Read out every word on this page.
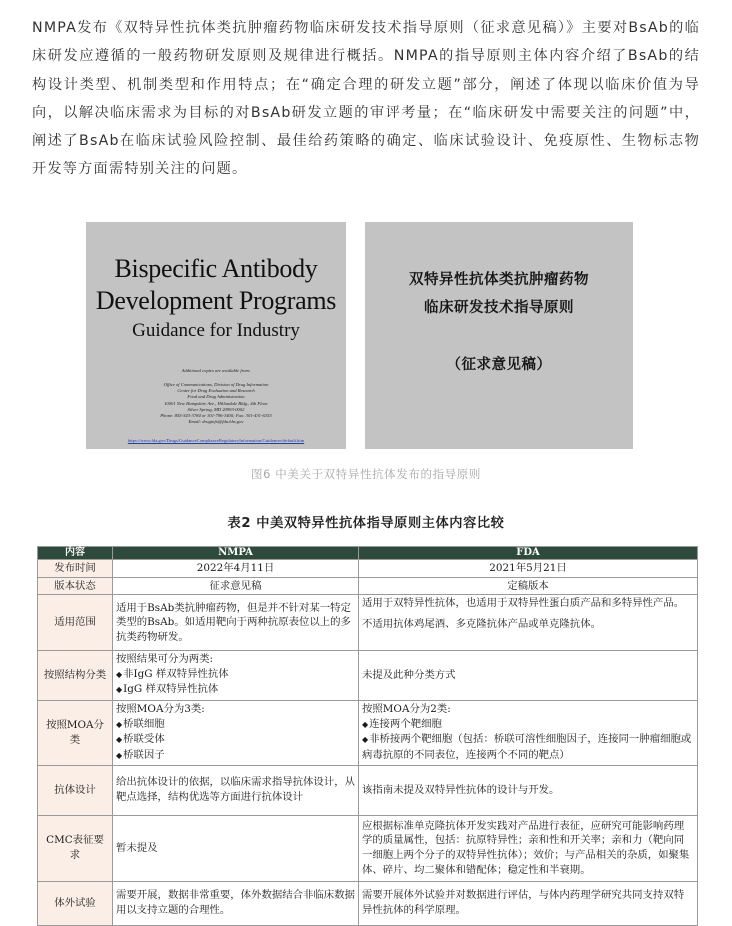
NMPA发布《双特异性抗体类抗肿瘤药物临床研发技术指导原则（征求意见稿）》主要对BsAb的临床研发应遵循的一般药物研发原则及规律进行概括。NMPA的指导原则主体内容介绍了BsAb的结构设计类型、机制类型和作用特点；在“确定合理的研发立题”部分，阐述了体现以临床价值为导向，以解决临床需求为目标的对BsAb研发立题的审评考量；在“临床研发中需要关注的问题”中，阐述了BsAb在临床试验风险控制、最佳给药策略的确定、临床试验设计、免疫原性、生物标志物开发等方面需特别关注的问题。
Bispecific Antibody
Development Programs
Guidance for Industry
Additional copies are available from:
Office of Communications, Division of Drug Information
Center for Drug Evaluation and Research
Food and Drug Administration
10001 New Hampshire Ave., Hillandale Bldg., 4th Floor
Silver Spring, MD 20993-0002
Phone: 855-543-3784 or 301-796-3400; Fax: 301-431-6353
Email: druginfo@fda.hhs.gov
https://www.fda.gov/Drugs/GuidanceComplianceRegulatoryInformation/Guidances/default.htm
双特异性抗体类抗肿瘤药物
临床研发技术指导原则
（征求意见稿）
图6 中美关于双特异性抗体发布的指导原则
表2 中美双特异性抗体指导原则主体内容比较
内容	NMPA	FDA
发布时间	2022年4月11日	2021年5月21日
版本状态	征求意见稿	定稿版本
适用范围	适用于BsAb类抗肿瘤药物，但是并不针对某一特定类型的BsAb。如适用靶向于两种抗原表位以上的多抗类药物研发。	适用于双特异性抗体，也适用于双特异性蛋白质产品和多特异性产品。
不适用抗体鸡尾酒、多克隆抗体产品或单克隆抗体。

按照结构分类	按照结果可分为两类:
◆ 非IgG 样双特异性抗体
◆ IgG 样双特异性抗体	未提及此种分类方式
按照MOA分类	按照MOA分为3类:
◆ 桥联细胞
◆ 桥联受体
◆ 桥联因子	按照MOA分为2类:
◆ 连接两个靶细胞
◆ 非桥接两个靶细胞（包括：桥联可溶性细胞因子，连接同一肿瘤细胞或病毒抗原的不同表位，连接两个不同的靶点）

抗体设计	给出抗体设计的依据，以临床需求指导抗体设计，从靶点选择，结构优选等方面进行抗体设计	该指南未提及双特异性抗体的设计与开发。
CMC表征要求	暂未提及	应根据标准单克隆抗体开发实践对产品进行表征，应研究可能影响药理学的质量属性，包括：抗原特异性；亲和性和开关率；亲和力（靶向同一细胞上两个分子的双特异性抗体）；效价；与产品相关的杂质，如聚集体、碎片、均二聚体和错配体；稳定性和半衰期。
体外试验	需要开展，数据非常重要，体外数据结合非临床数据用以支持立题的合理性。	需要开展体外试验并对数据进行评估，与体内药理学研究共同支持双特异性抗体的科学原理。
